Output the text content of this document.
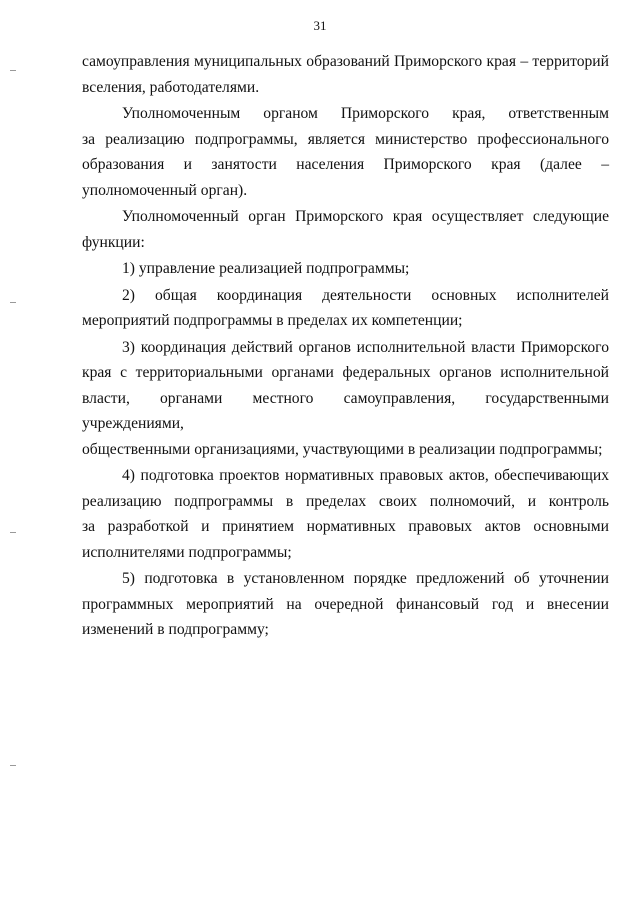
31

самоуправления муниципальных образований Приморского края – территорий
вселения, работодателями.

Уполномоченным органом Приморского края, ответственным
за реализацию подпрограммы, является министерство профессионального
образования и занятости населения Приморского края (далее –
уполномоченный орган).

Уполномоченный орган Приморского края осуществляет следующие
функции:

1) управление реализацией подпрограммы;

2) общая координация деятельности основных исполнителей
мероприятий подпрограммы в пределах их компетенции;

3) координация действий органов исполнительной власти Приморского
края с территориальными органами федеральных органов исполнительной
власти, органами местного самоуправления, государственными учреждениями,
общественными организациями, участвующими в реализации подпрограммы;

4) подготовка проектов нормативных правовых актов, обеспечивающих
реализацию подпрограммы в пределах своих полномочий, и контроль
за разработкой и принятием нормативных правовых актов основными
исполнителями подпрограммы;

5) подготовка в установленном порядке предложений об уточнении
программных мероприятий на очередной финансовый год и внесении
изменений в подпрограмму;
